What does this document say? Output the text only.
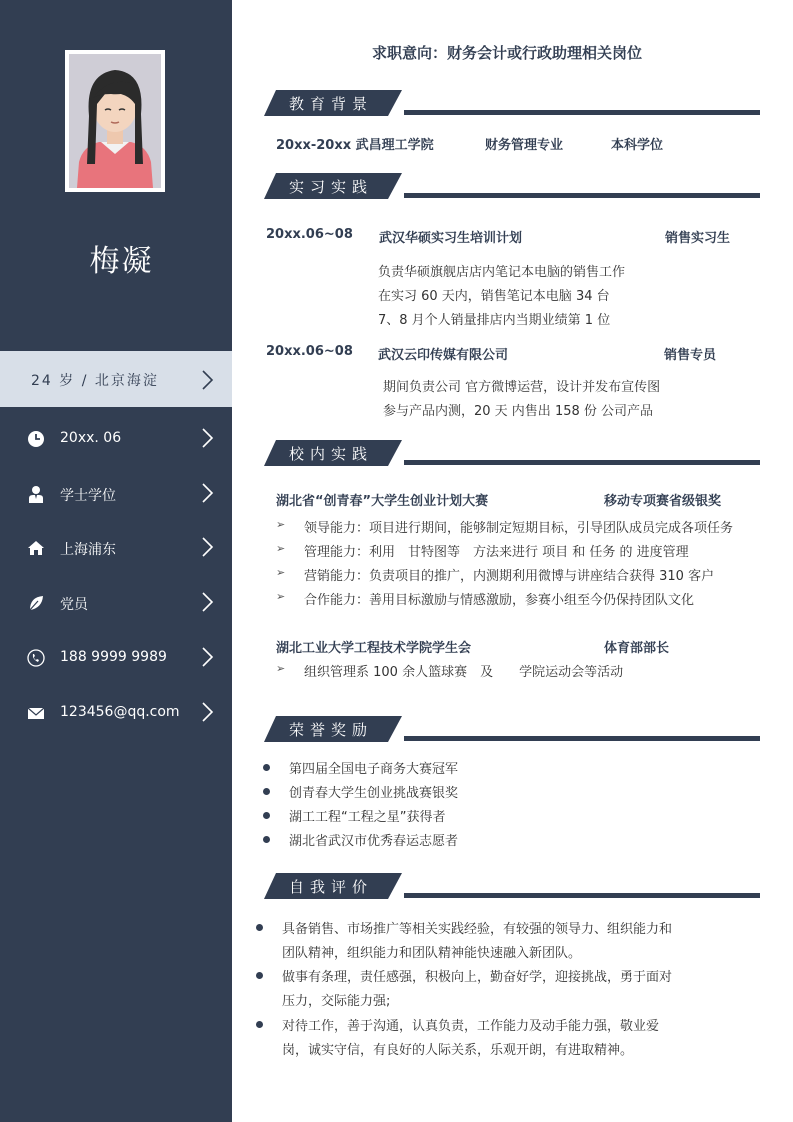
梅凝
24 岁 / 北京海淀
20xx. 06
学士学位
上海浦东
党员
188 9999 9989
123456@qq.com
求职意向：财务会计或行政助理相关岗位
教育背景
20xx-20xx 武昌理工学院	财务管理专业	本科学位
实习实践
20xx.06~08 武汉华硕实习生培训计划	销售实习生
负责华硕旗舰店店内笔记本电脑的销售工作
在实习 60 天内，销售笔记本电脑 34 台
7、8 月个人销量排店内当期业绩第 1 位
20xx.06~08 武汉云印传媒有限公司	销售专员
期间负责公司 官方微博运营，设计并发布宣传图
参与产品内测，20 天 内售出 158 份 公司产品
校内实践
湖北省“创青春”大学生创业计划大赛	移动专项赛省级银奖
➢ 领导能力：项目进行期间，能够制定短期目标，引导团队成员完成各项任务
➢ 管理能力：利用　甘特图等　方法来进行 项目 和 任务 的 进度管理
➢ 营销能力：负责项目的推广，内测期利用微博与讲座结合获得 310 客户
➢ 合作能力：善用目标激励与情感激励，参赛小组至今仍保持团队文化
湖北工业大学工程技术学院学生会	体育部部长
➢ 组织管理系 100 余人篮球赛　及　　学院运动会等活动
荣誉奖励
第四届全国电子商务大赛冠军
创青春大学生创业挑战赛银奖
湖工工程“工程之星”获得者
湖北省武汉市优秀春运志愿者
自我评价
具备销售、市场推广等相关实践经验，有较强的领导力、组织能力和
团队精神，组织能力和团队精神能快速融入新团队。
做事有条理，责任感强，积极向上，勤奋好学，迎接挑战，勇于面对
压力，交际能力强;
对待工作，善于沟通，认真负责，工作能力及动手能力强，敬业爱
岗，诚实守信，有良好的人际关系，乐观开朗，有进取精神。
